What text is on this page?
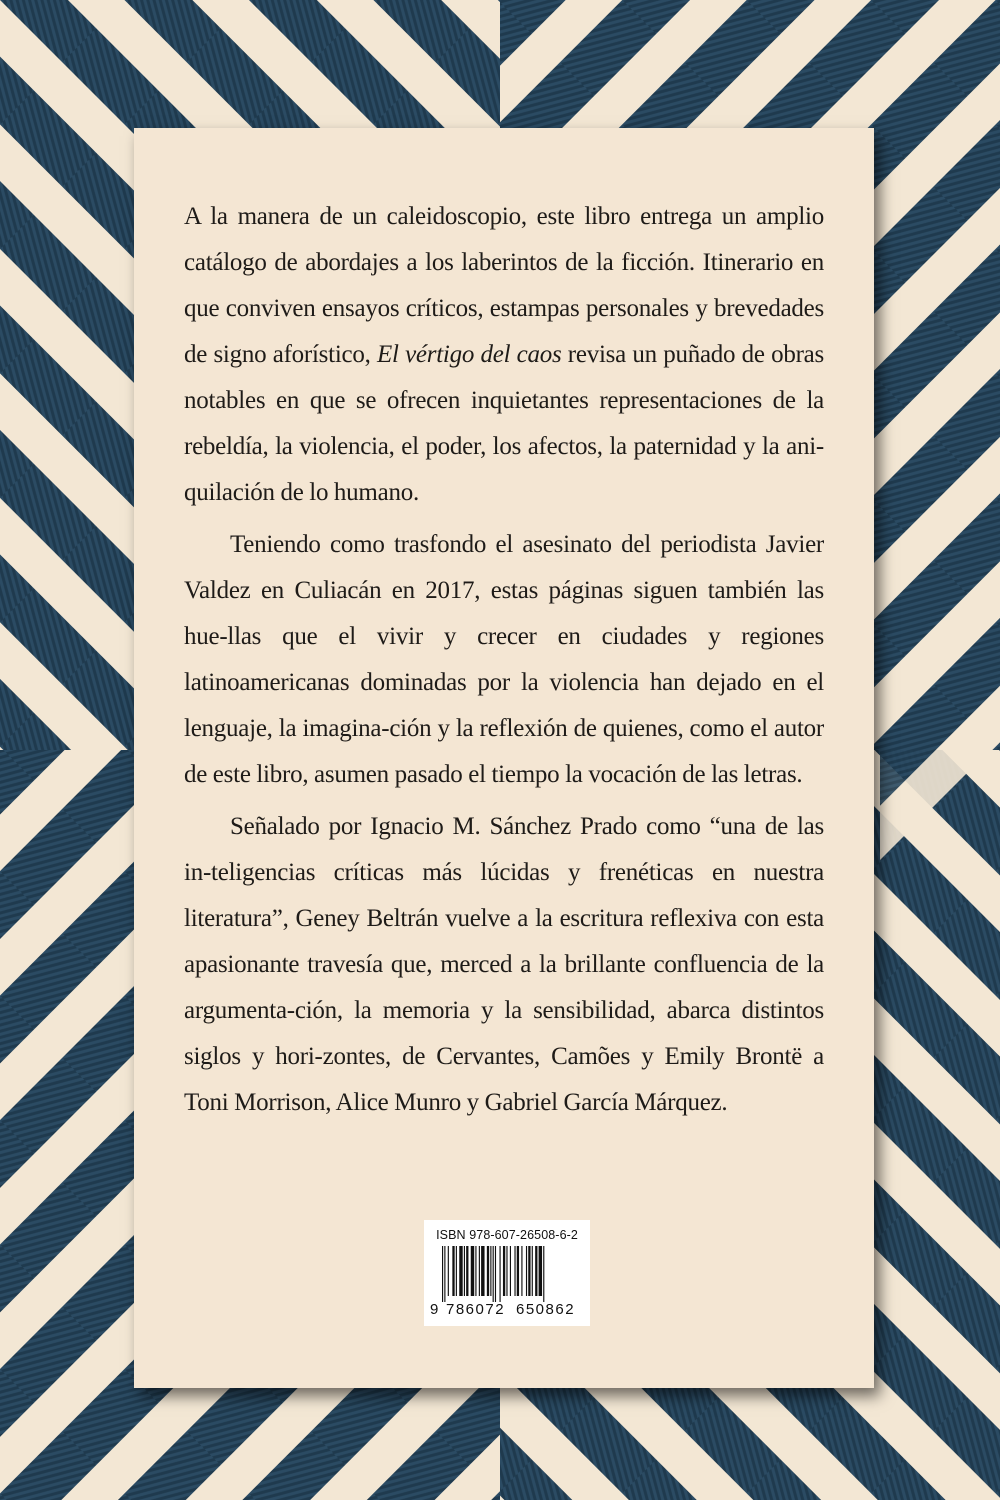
A la manera de un caleidoscopio, este libro entrega un amplio catálogo de abordajes a los laberintos de la ficción. Itinerario en que conviven ensayos críticos, estampas personales y brevedades de signo aforístico, El vértigo del caos revisa un puñado de obras notables en que se ofrecen inquietantes representaciones de la rebeldía, la violencia, el poder, los afectos, la paternidad y la ani-quilación de lo humano.

Teniendo como trasfondo el asesinato del periodista Javier Valdez en Culiacán en 2017, estas páginas siguen también las hue-llas que el vivir y crecer en ciudades y regiones latinoamericanas dominadas por la violencia han dejado en el lenguaje, la imagina-ción y la reflexión de quienes, como el autor de este libro, asumen pasado el tiempo la vocación de las letras.

Señalado por Ignacio M. Sánchez Prado como “una de las in-teligencias críticas más lúcidas y frenéticas en nuestra literatura”, Geney Beltrán vuelve a la escritura reflexiva con esta apasionante travesía que, merced a la brillante confluencia de la argumenta-ción, la memoria y la sensibilidad, abarca distintos siglos y hori-zontes, de Cervantes, Camões y Emily Brontë a Toni Morrison, Alice Munro y Gabriel García Márquez.

ISBN 978-607-26508-6-2
9 786072 650862
